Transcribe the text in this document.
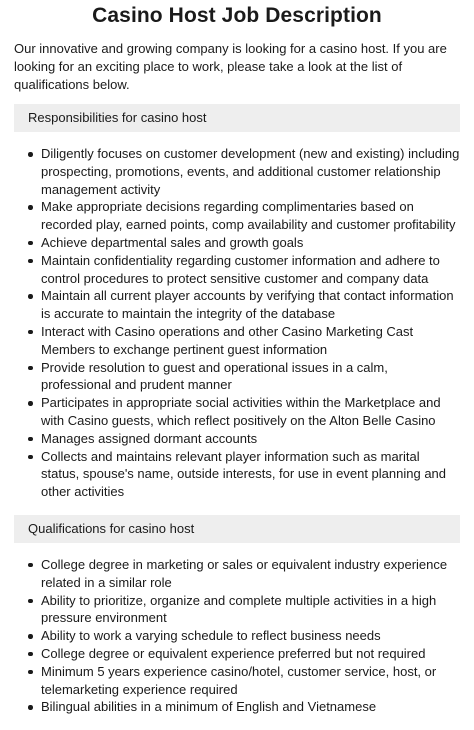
Casino Host Job Description

Our innovative and growing company is looking for a casino host. If you are looking for an exciting place to work, please take a look at the list of qualifications below.

Responsibilities for casino host
Diligently focuses on customer development (new and existing) including prospecting, promotions, events, and additional customer relationship management activity
Make appropriate decisions regarding complimentaries based on recorded play, earned points, comp availability and customer profitability
Achieve departmental sales and growth goals
Maintain confidentiality regarding customer information and adhere to control procedures to protect sensitive customer and company data
Maintain all current player accounts by verifying that contact information is accurate to maintain the integrity of the database
Interact with Casino operations and other Casino Marketing Cast Members to exchange pertinent guest information
Provide resolution to guest and operational issues in a calm, professional and prudent manner
Participates in appropriate social activities within the Marketplace and with Casino guests, which reflect positively on the Alton Belle Casino
Manages assigned dormant accounts
Collects and maintains relevant player information such as marital status, spouse's name, outside interests, for use in event planning and other activities
Qualifications for casino host
College degree in marketing or sales or equivalent industry experience related in a similar role
Ability to prioritize, organize and complete multiple activities in a high pressure environment
Ability to work a varying schedule to reflect business needs
College degree or equivalent experience preferred but not required
Minimum 5 years experience casino/hotel, customer service, host, or telemarketing experience required
Bilingual abilities in a minimum of English and Vietnamese
